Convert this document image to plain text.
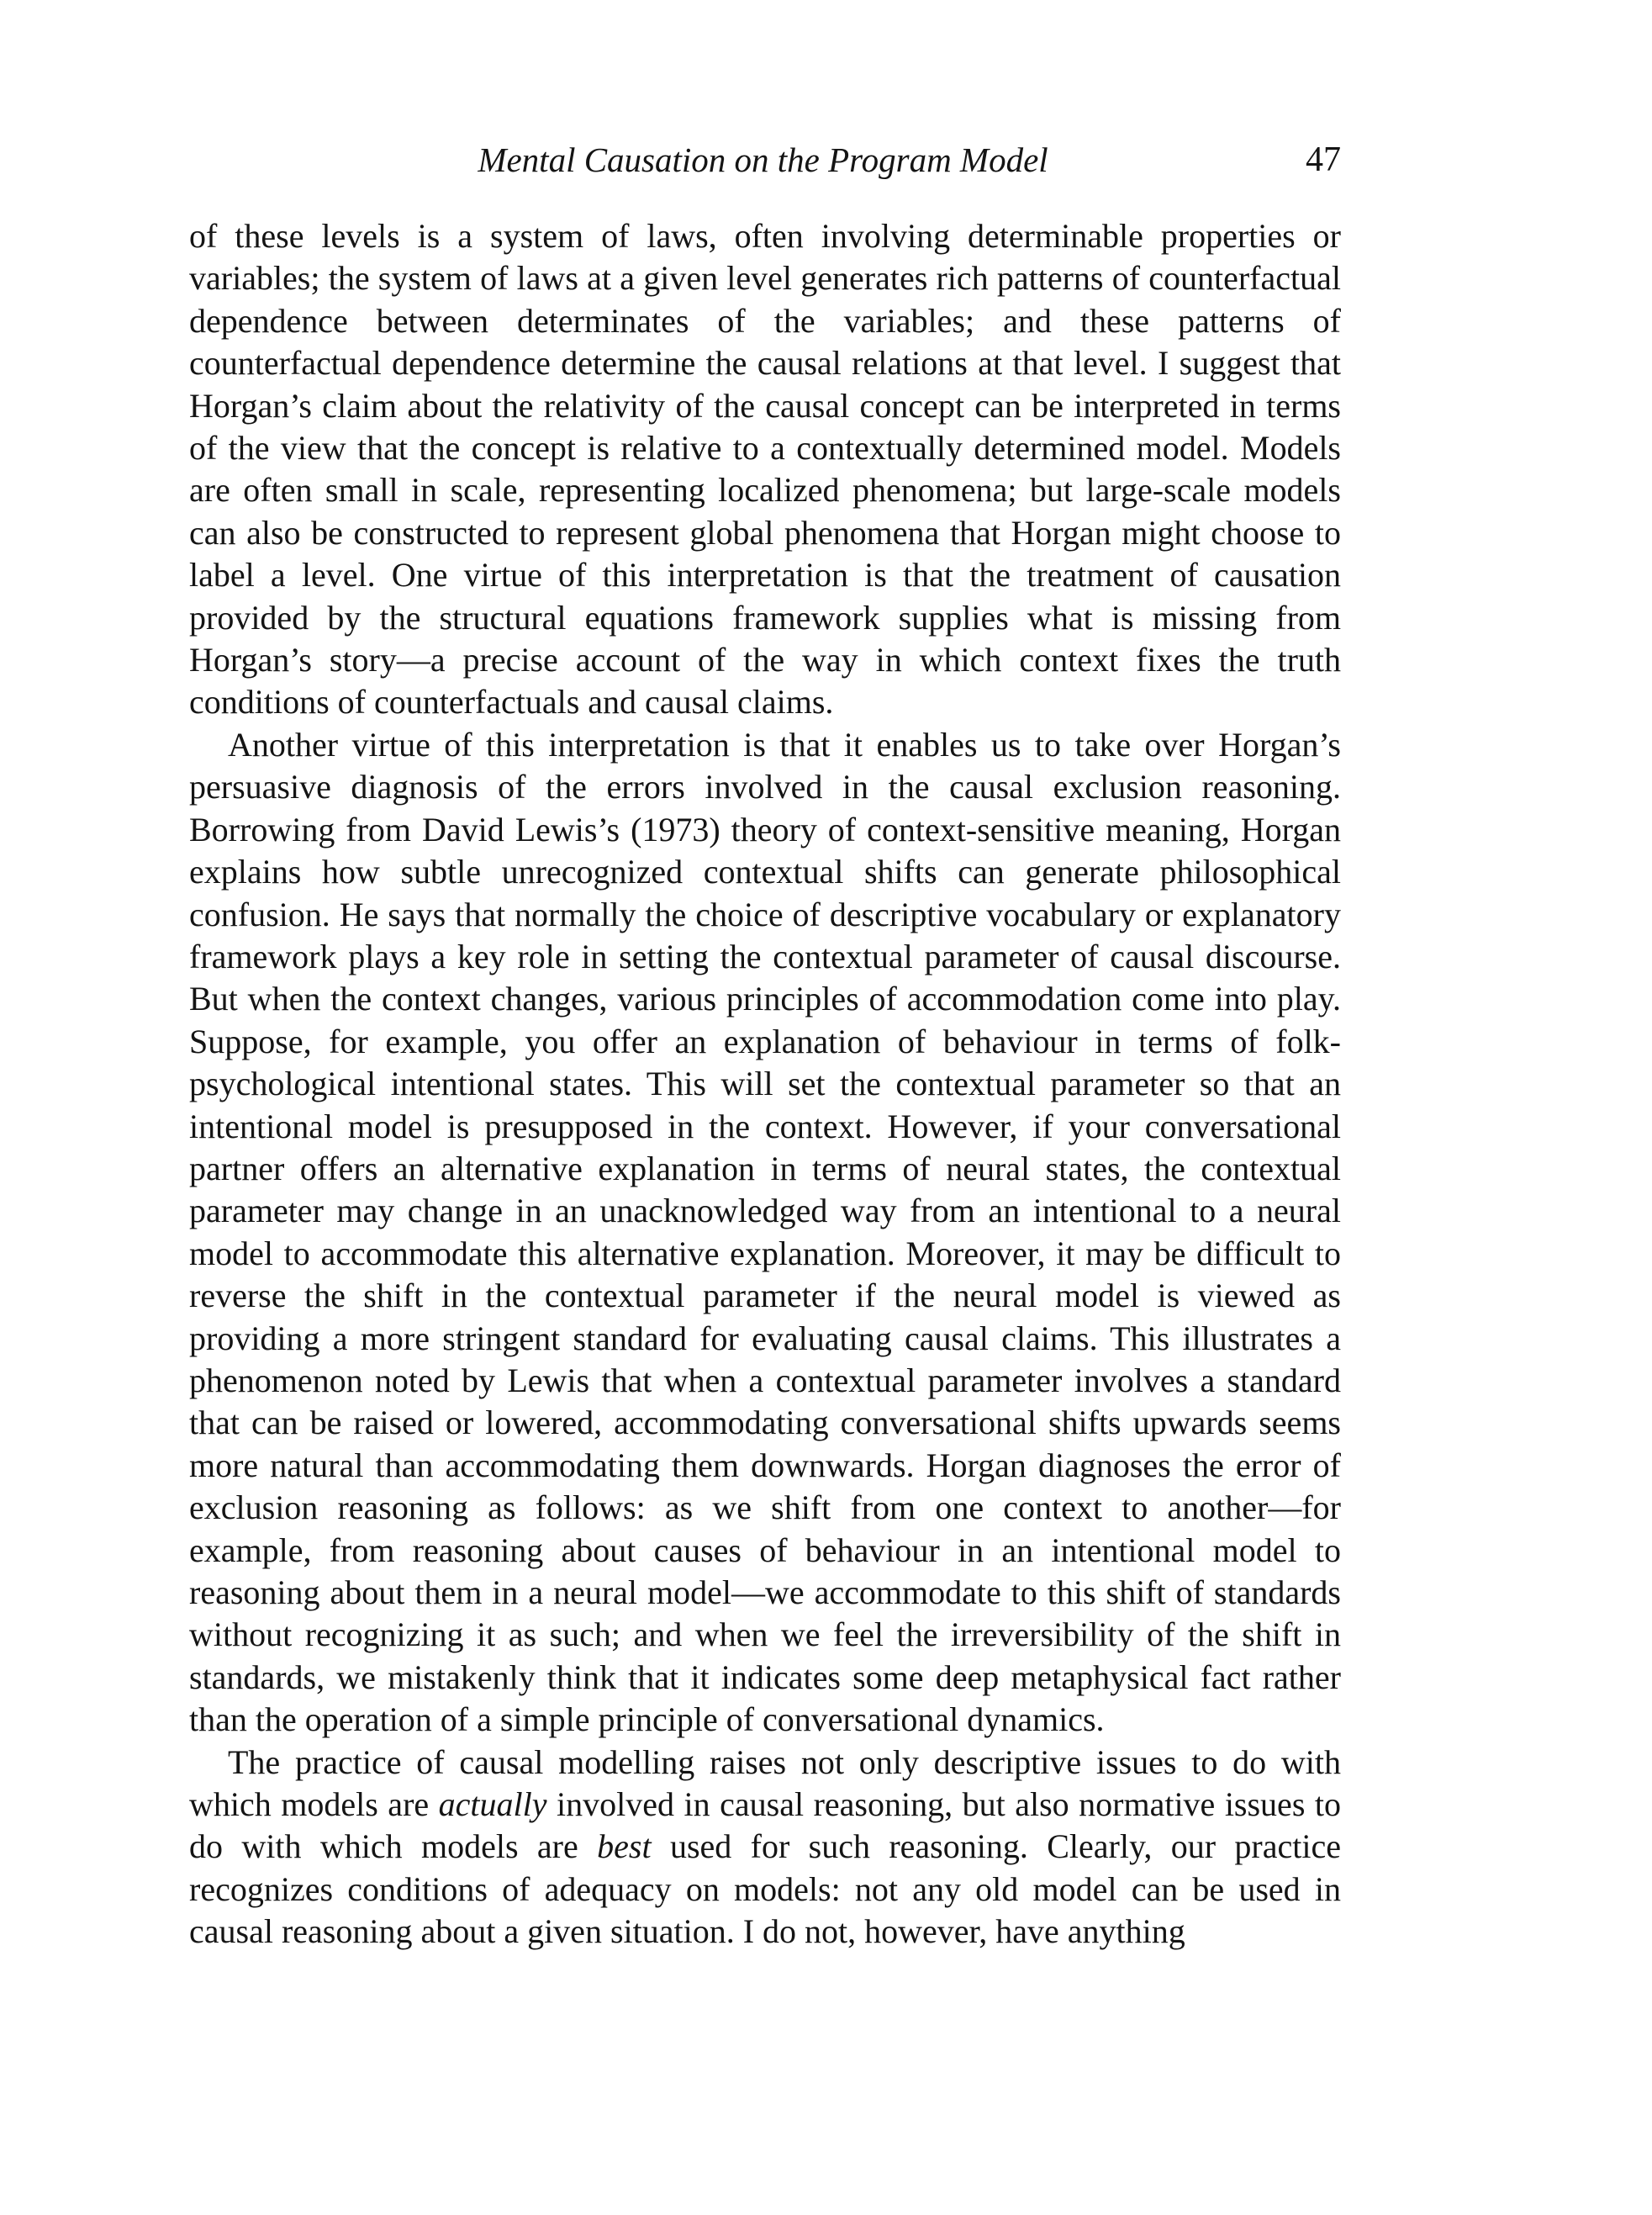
Mental Causation on the Program Model	47

of these levels is a system of laws, often involving determinable properties or variables; the system of laws at a given level generates rich patterns of counterfactual dependence between determinates of the variables; and these patterns of counterfactual dependence determine the causal relations at that level. I suggest that Horgan’s claim about the relativity of the causal concept can be interpreted in terms of the view that the concept is relative to a contextually determined model. Models are often small in scale, representing localized phenomena; but large-scale models can also be constructed to represent global phenomena that Horgan might choose to label a level. One virtue of this interpretation is that the treatment of causation provided by the structural equations framework supplies what is missing from Horgan’s story—a precise account of the way in which context fixes the truth conditions of counterfactuals and causal claims.

Another virtue of this interpretation is that it enables us to take over Horgan’s persuasive diagnosis of the errors involved in the causal exclusion reasoning. Borrowing from David Lewis’s (1973) theory of context-sensitive meaning, Horgan explains how subtle unrecognized contextual shifts can generate philosophical confusion. He says that normally the choice of descriptive vocabulary or explanatory framework plays a key role in setting the contextual parameter of causal discourse. But when the context changes, various principles of accommodation come into play. Suppose, for example, you offer an explanation of behaviour in terms of folk-psychological intentional states. This will set the contextual parameter so that an intentional model is presupposed in the context. However, if your conversational partner offers an alternative explanation in terms of neural states, the contextual parameter may change in an unacknowledged way from an intentional to a neural model to accommodate this alternative explanation. Moreover, it may be difficult to reverse the shift in the contextual parameter if the neural model is viewed as providing a more stringent standard for evaluating causal claims. This illustrates a phenomenon noted by Lewis that when a contextual parameter involves a standard that can be raised or lowered, accommodating conversational shifts upwards seems more natural than accommodating them downwards. Horgan diagnoses the error of exclusion reasoning as follows: as we shift from one context to another—for example, from reasoning about causes of behaviour in an intentional model to reasoning about them in a neural model—we accommodate to this shift of standards without recognizing it as such; and when we feel the irreversibility of the shift in standards, we mistakenly think that it indicates some deep metaphysical fact rather than the operation of a simple principle of conversational dynamics.

The practice of causal modelling raises not only descriptive issues to do with which models are actually involved in causal reasoning, but also normative issues to do with which models are best used for such reasoning. Clearly, our practice recognizes conditions of adequacy on models: not any old model can be used in causal reasoning about a given situation. I do not, however, have anything
